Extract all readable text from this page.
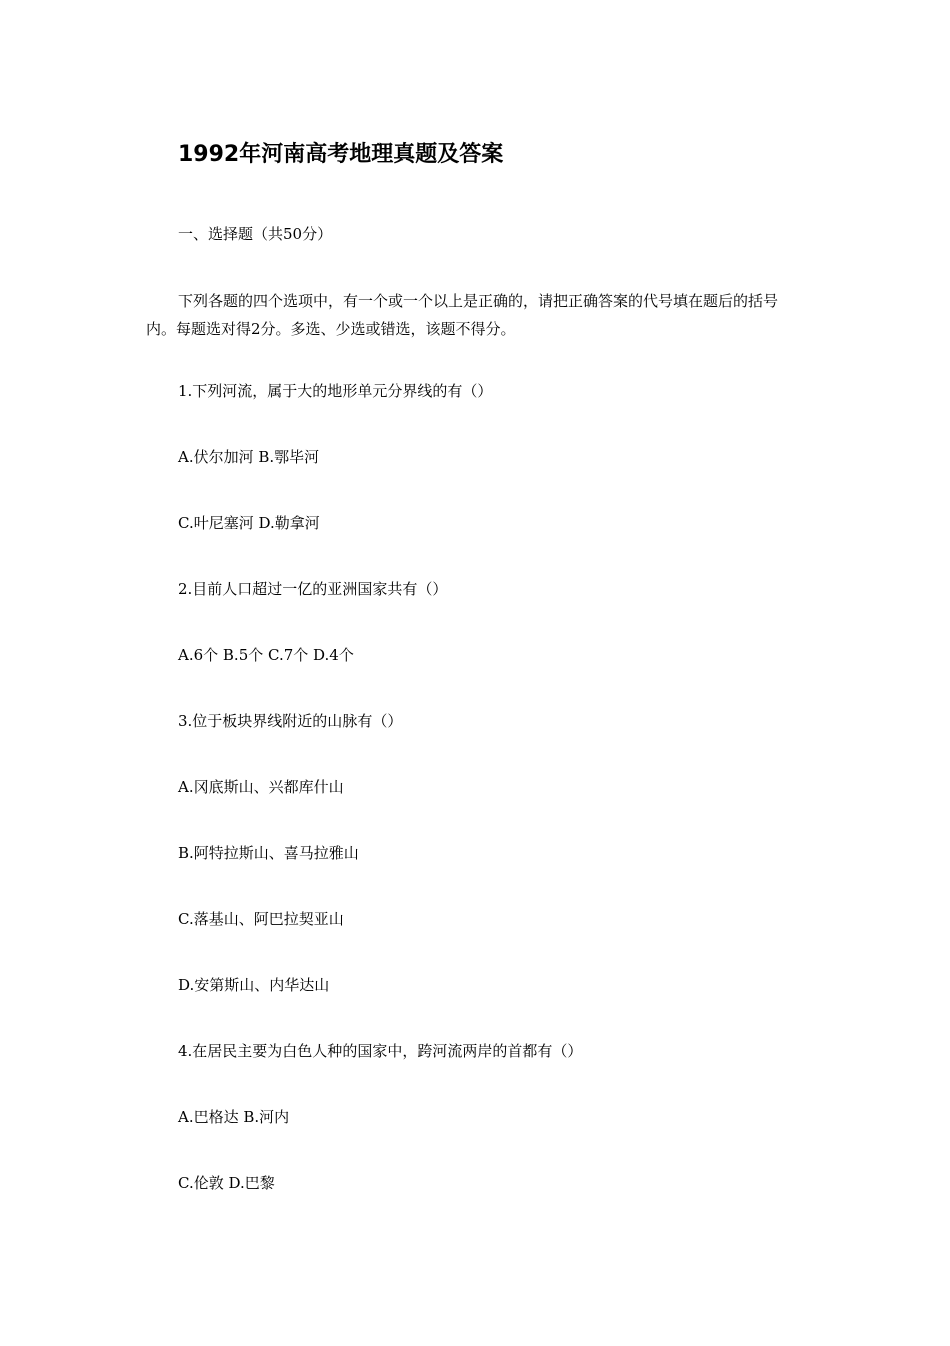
1992年河南高考地理真题及答案
一、选择题（共50分）
下列各题的四个选项中，有一个或一个以上是正确的，请把正确答案的代号填在题后的括号内。每题选对得2分。多选、少选或错选，该题不得分。
1.下列河流，属于大的地形单元分界线的有（）
A.伏尔加河 B.鄂毕河
C.叶尼塞河 D.勒拿河
2.目前人口超过一亿的亚洲国家共有（）
A.6个 B.5个 C.7个 D.4个
3.位于板块界线附近的山脉有（）
A.冈底斯山、兴都库什山
B.阿特拉斯山、喜马拉雅山
C.落基山、阿巴拉契亚山
D.安第斯山、内华达山
4.在居民主要为白色人种的国家中，跨河流两岸的首都有（）
A.巴格达 B.河内
C.伦敦 D.巴黎
